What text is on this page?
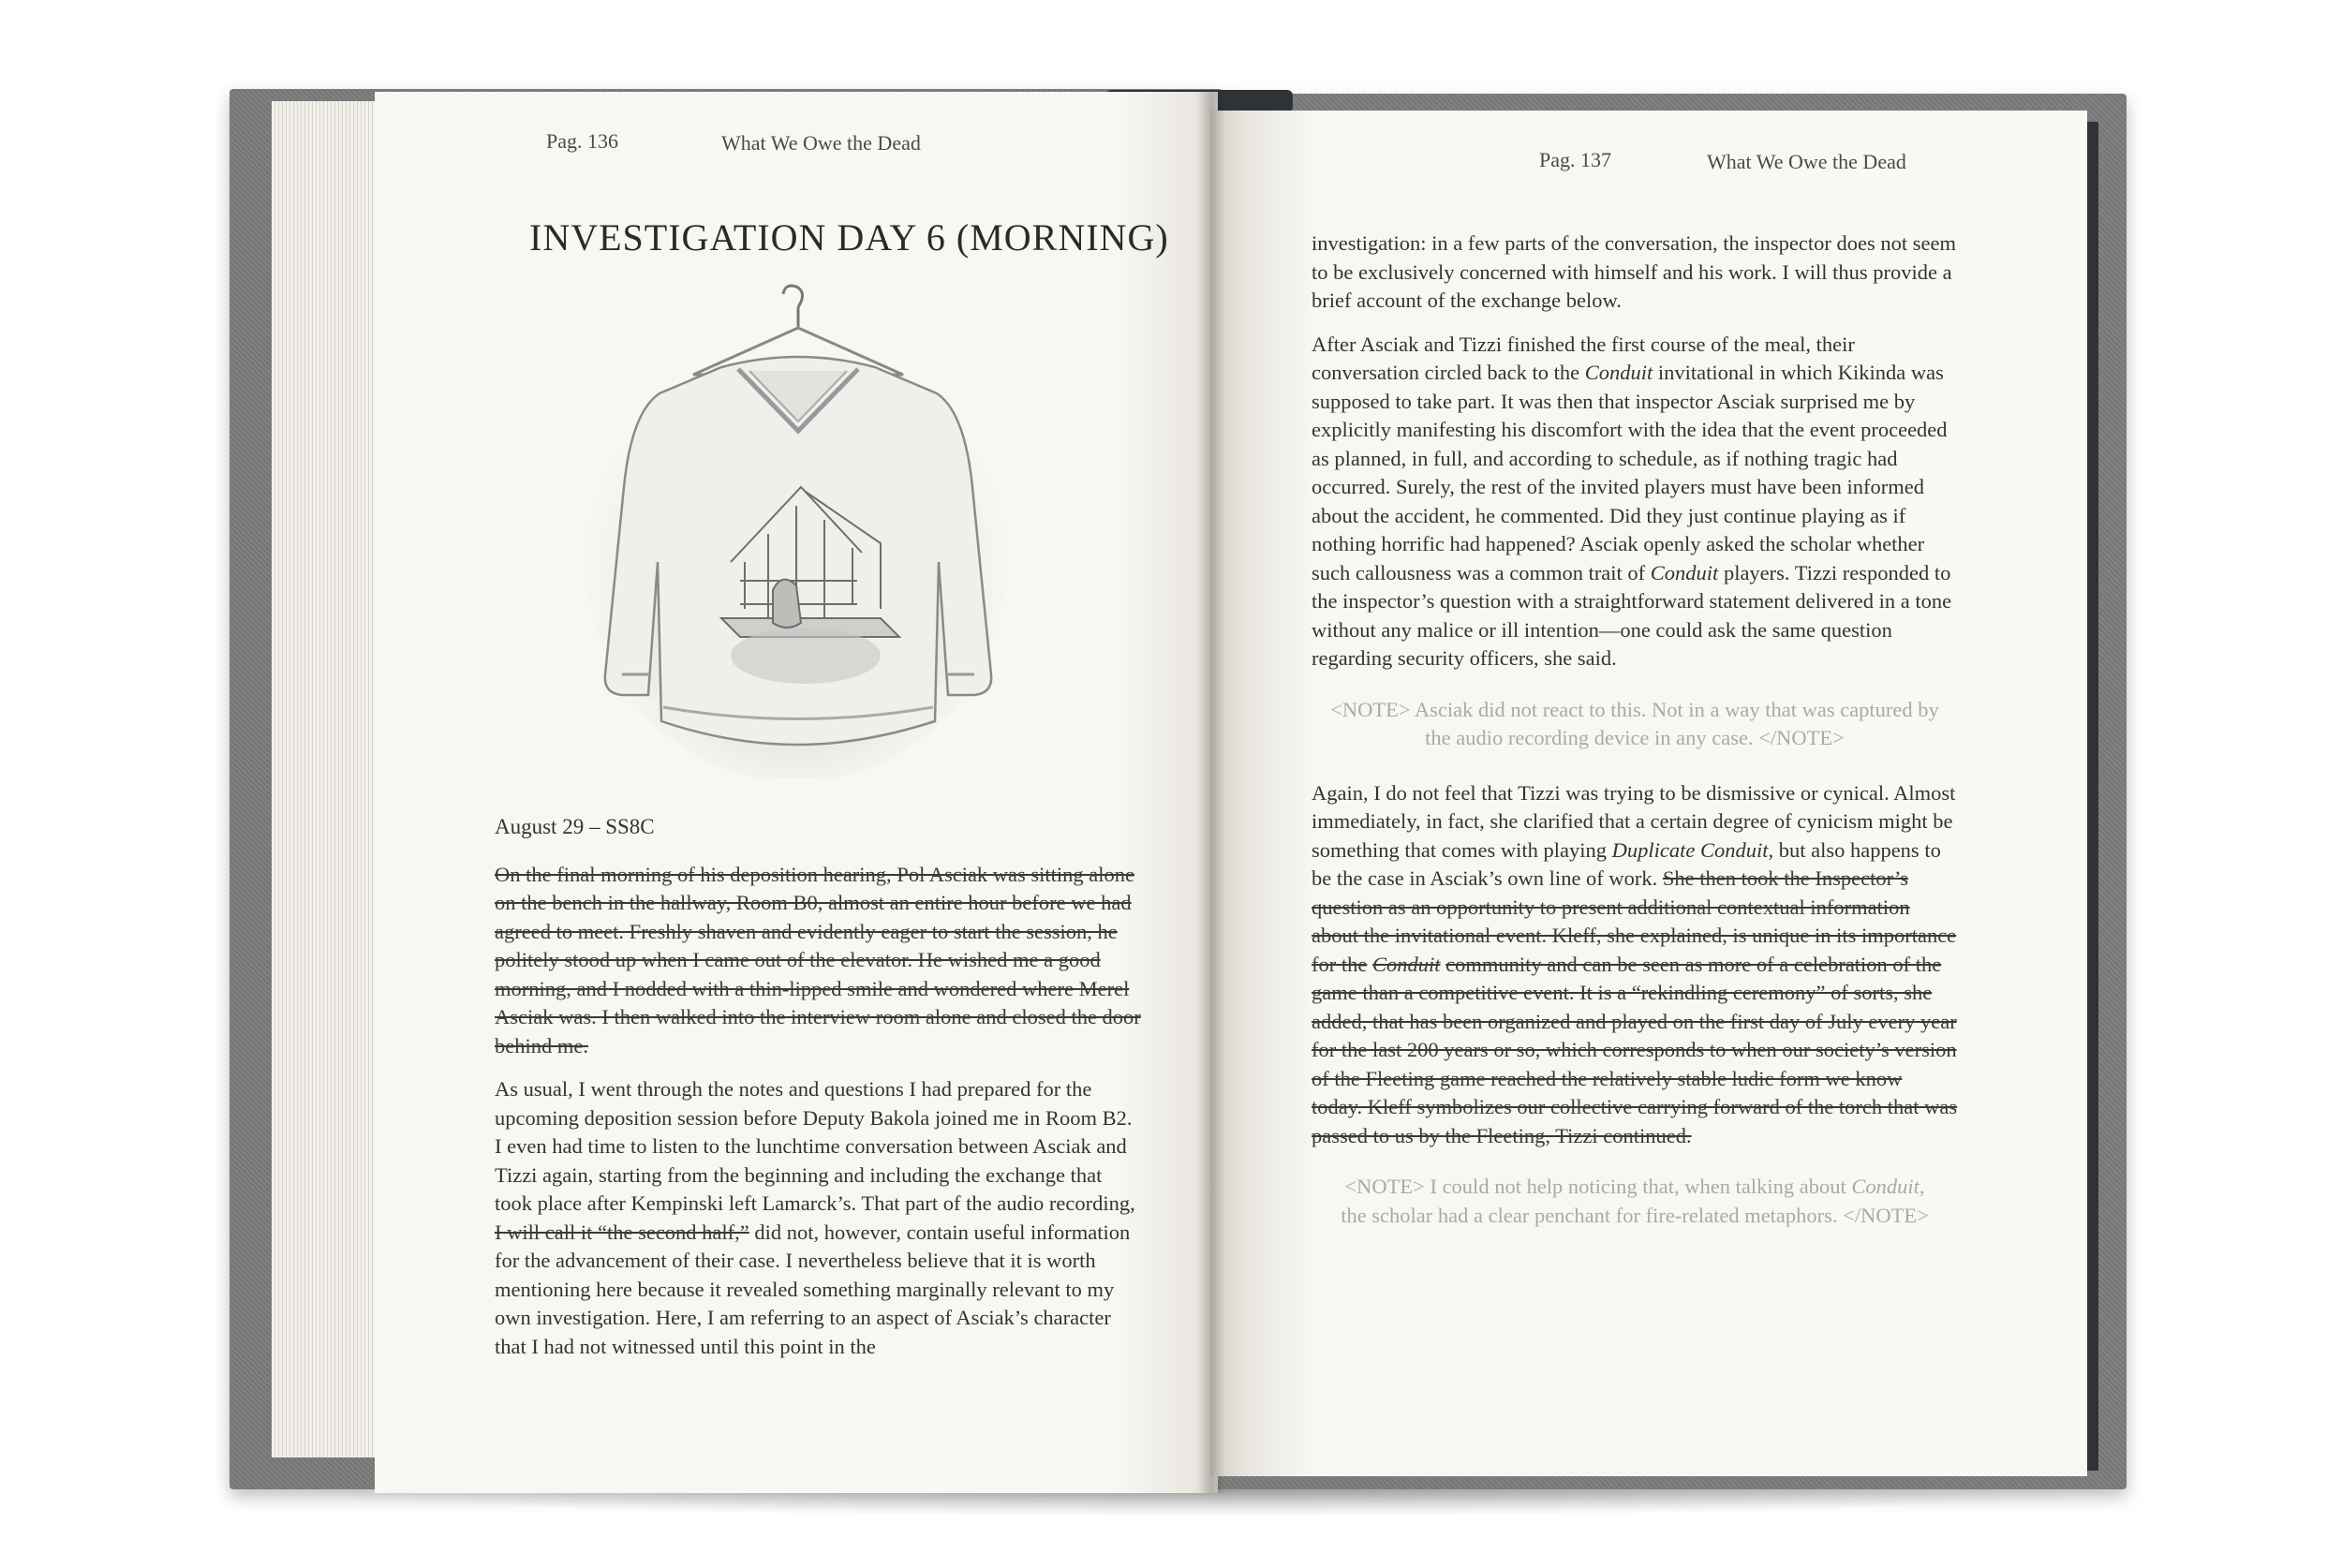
Pag. 136	What We Owe the Dead
INVESTIGATION DAY 6 (MORNING)

August 29 – SS8C

On the final morning of his deposition hearing, Pol Asciak was sitting alone on the bench in the hallway, Room B0, almost an entire hour before we had agreed to meet. Freshly shaven and evidently eager to start the session, he politely stood up when I came out of the elevator. He wished me a good morning, and I nodded with a thin-lipped smile and wondered where Merel Asciak was. I then walked into the interview room alone and closed the door behind me.

As usual, I went through the notes and questions I had prepared for the upcoming deposition session before Deputy Bakola joined me in Room B2. I even had time to listen to the lunchtime conversation between Asciak and Tizzi again, starting from the beginning and including the exchange that took place after Kempinski left Lamarck’s. That part of the audio recording, I will call it “the second half,” did not, however, contain useful information for the advancement of their case. I nevertheless believe that it is worth mentioning here because it revealed something marginally relevant to my own investigation. Here, I am referring to an aspect of Asciak’s character that I had not witnessed until this point in the

Pag. 137	What We Owe the Dead

investigation: in a few parts of the conversation, the inspector does not seem to be exclusively concerned with himself and his work. I will thus provide a brief account of the exchange below.

After Asciak and Tizzi finished the first course of the meal, their conversation circled back to the Conduit invitational in which Kikinda was supposed to take part. It was then that inspector Asciak surprised me by explicitly manifesting his discomfort with the idea that the event proceeded as planned, in full, and according to schedule, as if nothing tragic had occurred. Surely, the rest of the invited players must have been informed about the accident, he commented. Did they just continue playing as if nothing horrific had happened? Asciak openly asked the scholar whether such callousness was a common trait of Conduit players. Tizzi responded to the inspector’s question with a straightforward statement delivered in a tone without any malice or ill intention—one could ask the same question regarding security officers, she said.

<NOTE> Asciak did not react to this. Not in a way that was captured by the audio recording device in any case. </NOTE>

Again, I do not feel that Tizzi was trying to be dismissive or cynical. Almost immediately, in fact, she clarified that a certain degree of cynicism might be something that comes with playing Duplicate Conduit, but also happens to be the case in Asciak’s own line of work. She then took the Inspector’s question as an opportunity to present additional contextual information about the invitational event. Kleff, she explained, is unique in its importance for the Conduit community and can be seen as more of a celebration of the game than a competitive event. It is a “rekindling ceremony” of sorts, she added, that has been organized and played on the first day of July every year for the last 200 years or so, which corresponds to when our society’s version of the Fleeting game reached the relatively stable ludic form we know today. Kleff symbolizes our collective carrying forward of the torch that was passed to us by the Fleeting, Tizzi continued.

<NOTE> I could not help noticing that, when talking about Conduit, the scholar had a clear penchant for fire-related metaphors. </NOTE>
